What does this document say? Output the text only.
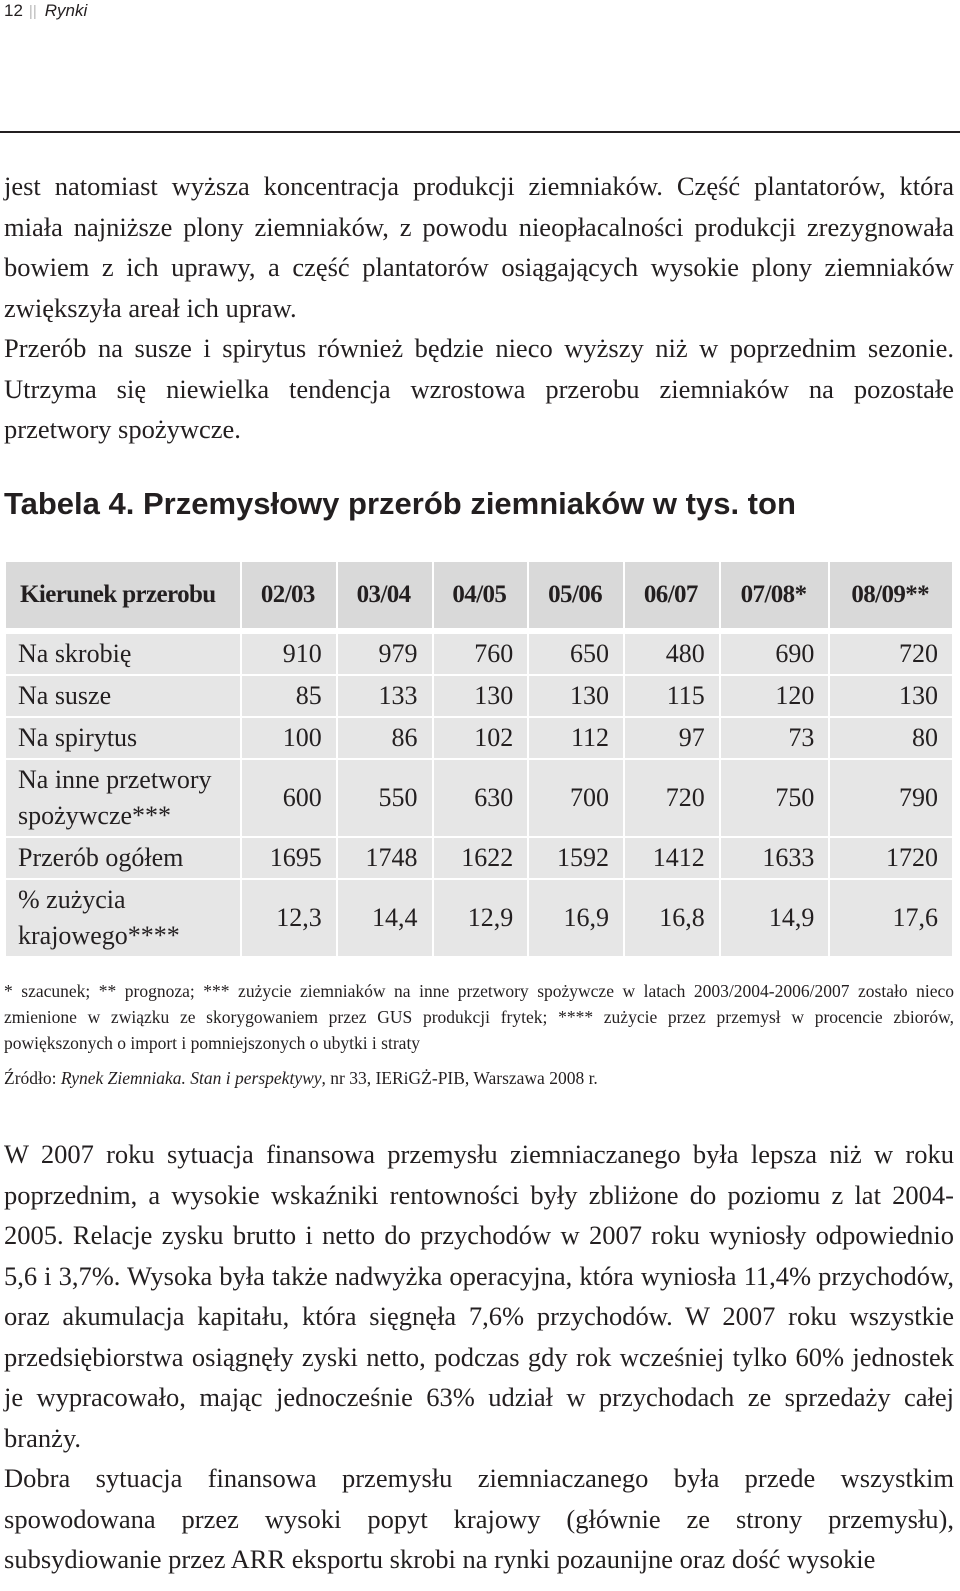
12 || Rynki

jest natomiast wyższa koncentracja produkcji ziemniaków. Część plantatorów, która miała najniższe plony ziemniaków, z powodu nieopłacalności produkcji zrezygnowała bowiem z ich uprawy, a część plantatorów osiągających wysokie plony ziemniaków zwiększyła areał ich upraw.

Przerób na susze i spirytus również będzie nieco wyższy niż w poprzednim sezonie. Utrzyma się niewielka tendencja wzrostowa przerobu ziemniaków na pozostałe przetwory spożywcze.

Tabela 4. Przemysłowy przerób ziemniaków w tys. ton
Kierunek przerobu	02/03	03/04	04/05	05/06	06/07	07/08*	08/09**
Na skrobię	910	979	760	650	480	690	720
Na susze	85	133	130	130	115	120	130
Na spirytus	100	86	102	112	97	73	80
Na inne przetwory
spożywcze***	600	550	630	700	720	750	790
Przerób ogółem	1695	1748	1622	1592	1412	1633	1720
% zużycia
krajowego****	12,3	14,4	12,9	16,9	16,8	14,9	17,6

* szacunek; ** prognoza; *** zużycie ziemniaków na inne przetwory spożywcze w latach 2003/2004-2006/2007 zostało nieco zmienione w związku ze skorygowaniem przez GUS produkcji frytek; **** zużycie przez przemysł w procencie zbiorów, powiększonych o import i pomniejszonych o ubytki i straty

Źródło: Rynek Ziemniaka. Stan i perspektywy, nr 33, IERiGŻ-PIB, Warszawa 2008 r.

W 2007 roku sytuacja finansowa przemysłu ziemniaczanego była lepsza niż w roku poprzednim, a wysokie wskaźniki rentowności były zbliżone do poziomu z lat 2004-2005. Relacje zysku brutto i netto do przychodów w 2007 roku wyniosły odpowiednio 5,6 i 3,7%. Wysoka była także nadwyżka operacyjna, która wyniosła 11,4% przychodów, oraz akumulacja kapitału, która sięgnęła 7,6% przychodów. W 2007 roku wszystkie przedsiębiorstwa osiągnęły zyski netto, podczas gdy rok wcześniej tylko 60% jednostek je wypracowało, mając jednocześnie 63% udział w przychodach ze sprzedaży całej branży.

Dobra sytuacja finansowa przemysłu ziemniaczanego była przede wszystkim spowodowana przez wysoki popyt krajowy (głównie ze strony przemysłu), subsydiowanie przez ARR eksportu skrobi na rynki pozaunijne oraz dość wysokie
